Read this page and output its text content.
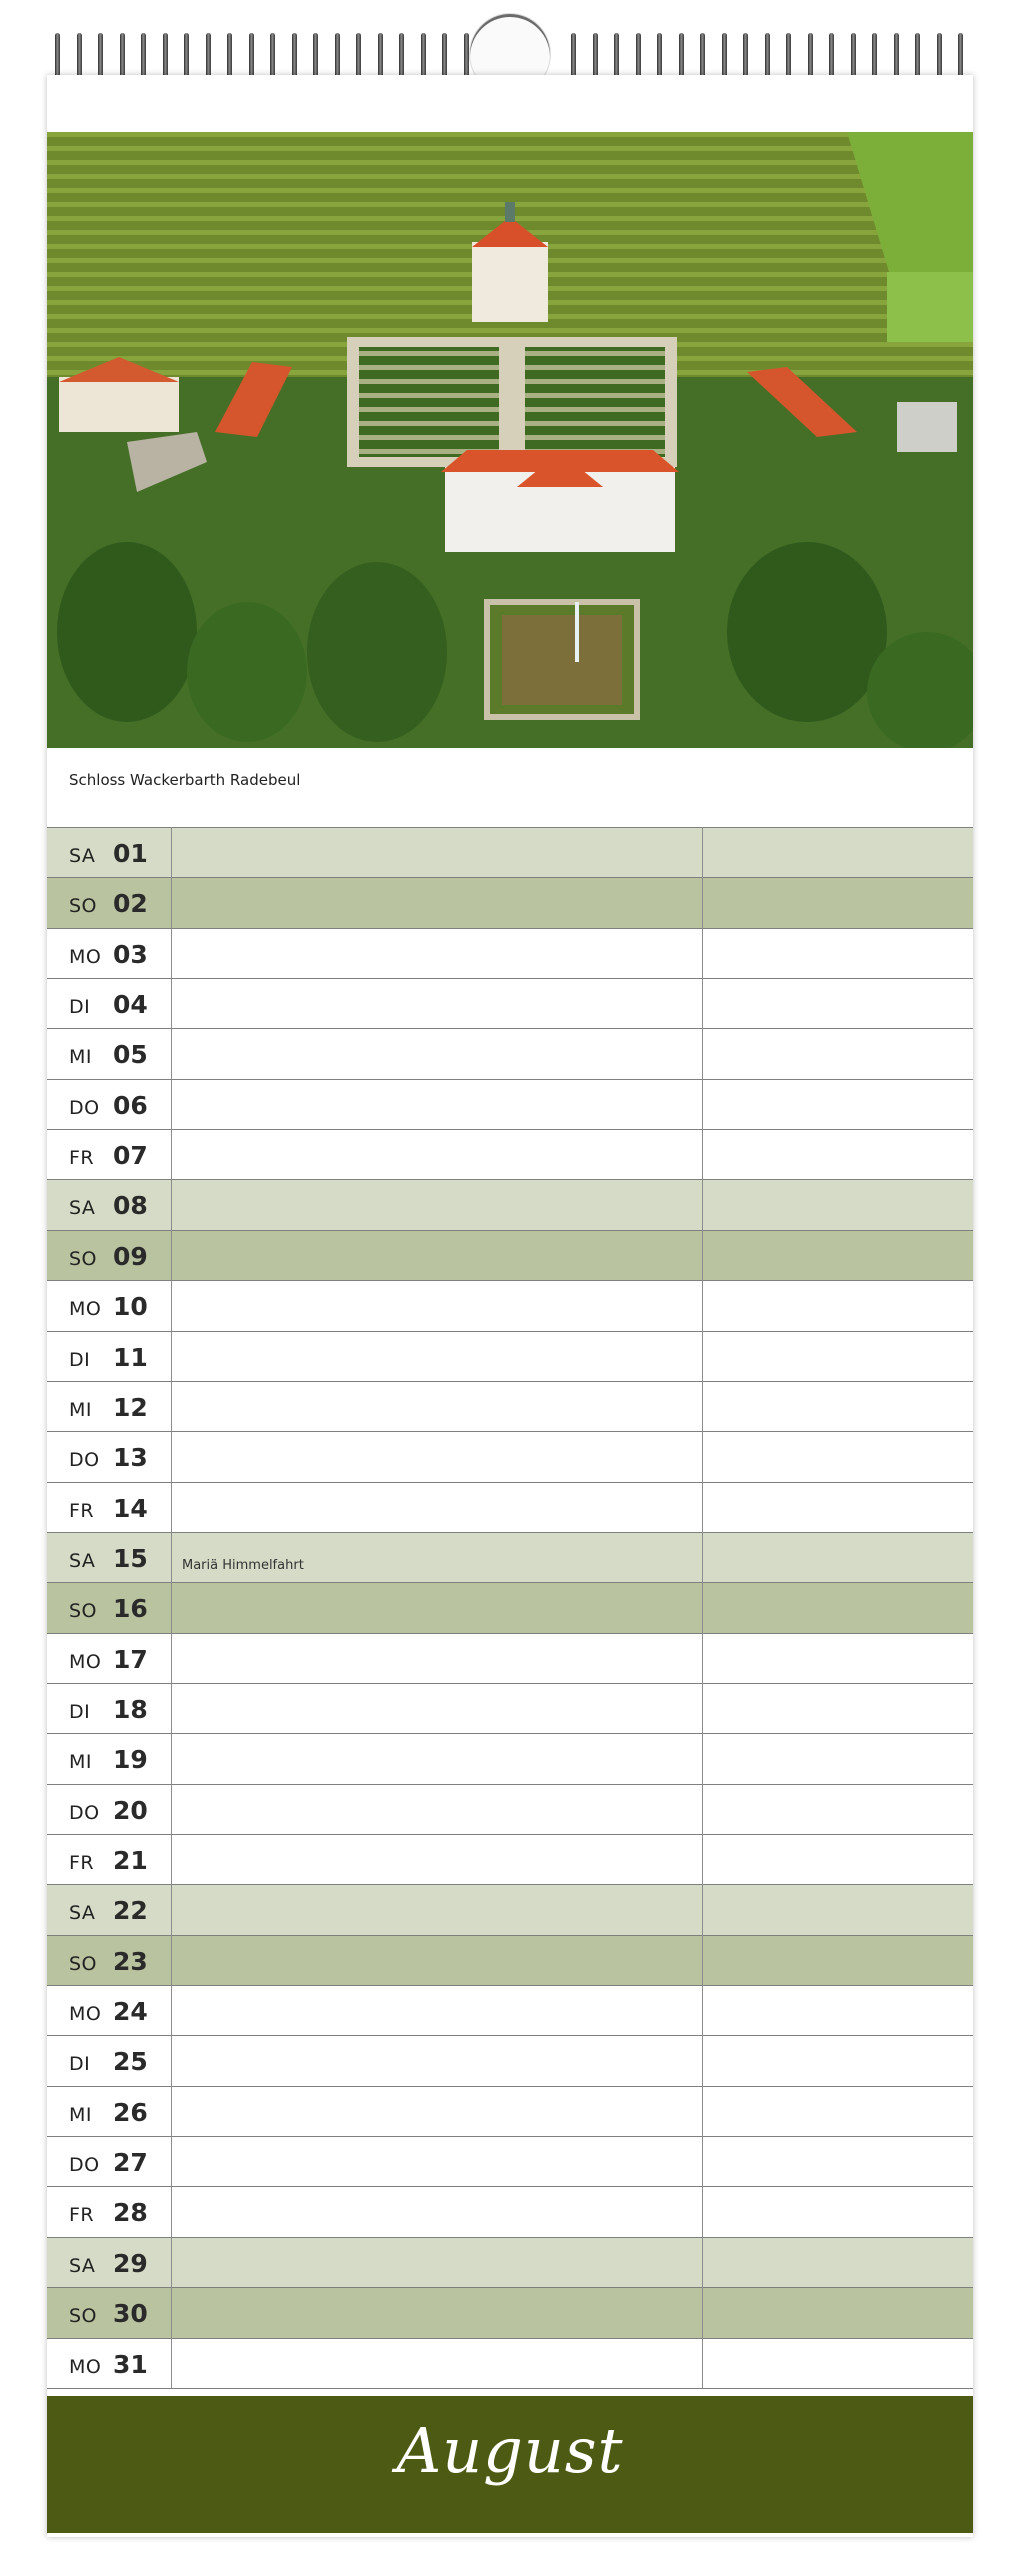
Schloss Wackerbarth Radebeul
SA 01
SO 02
MO 03
DI 04
MI 05
DO 06
FR 07
SA 08
SO 09
MO 10
DI 11
MI 12
DO 13
FR 14
SA 15	Mariä Himmelfahrt
SO 16
MO 17
DI 18
MI 19
DO 20
FR 21
SA 22
SO 23
MO 24
DI 25
MI 26
DO 27
FR 28
SA 29
SO 30
MO 31
August
